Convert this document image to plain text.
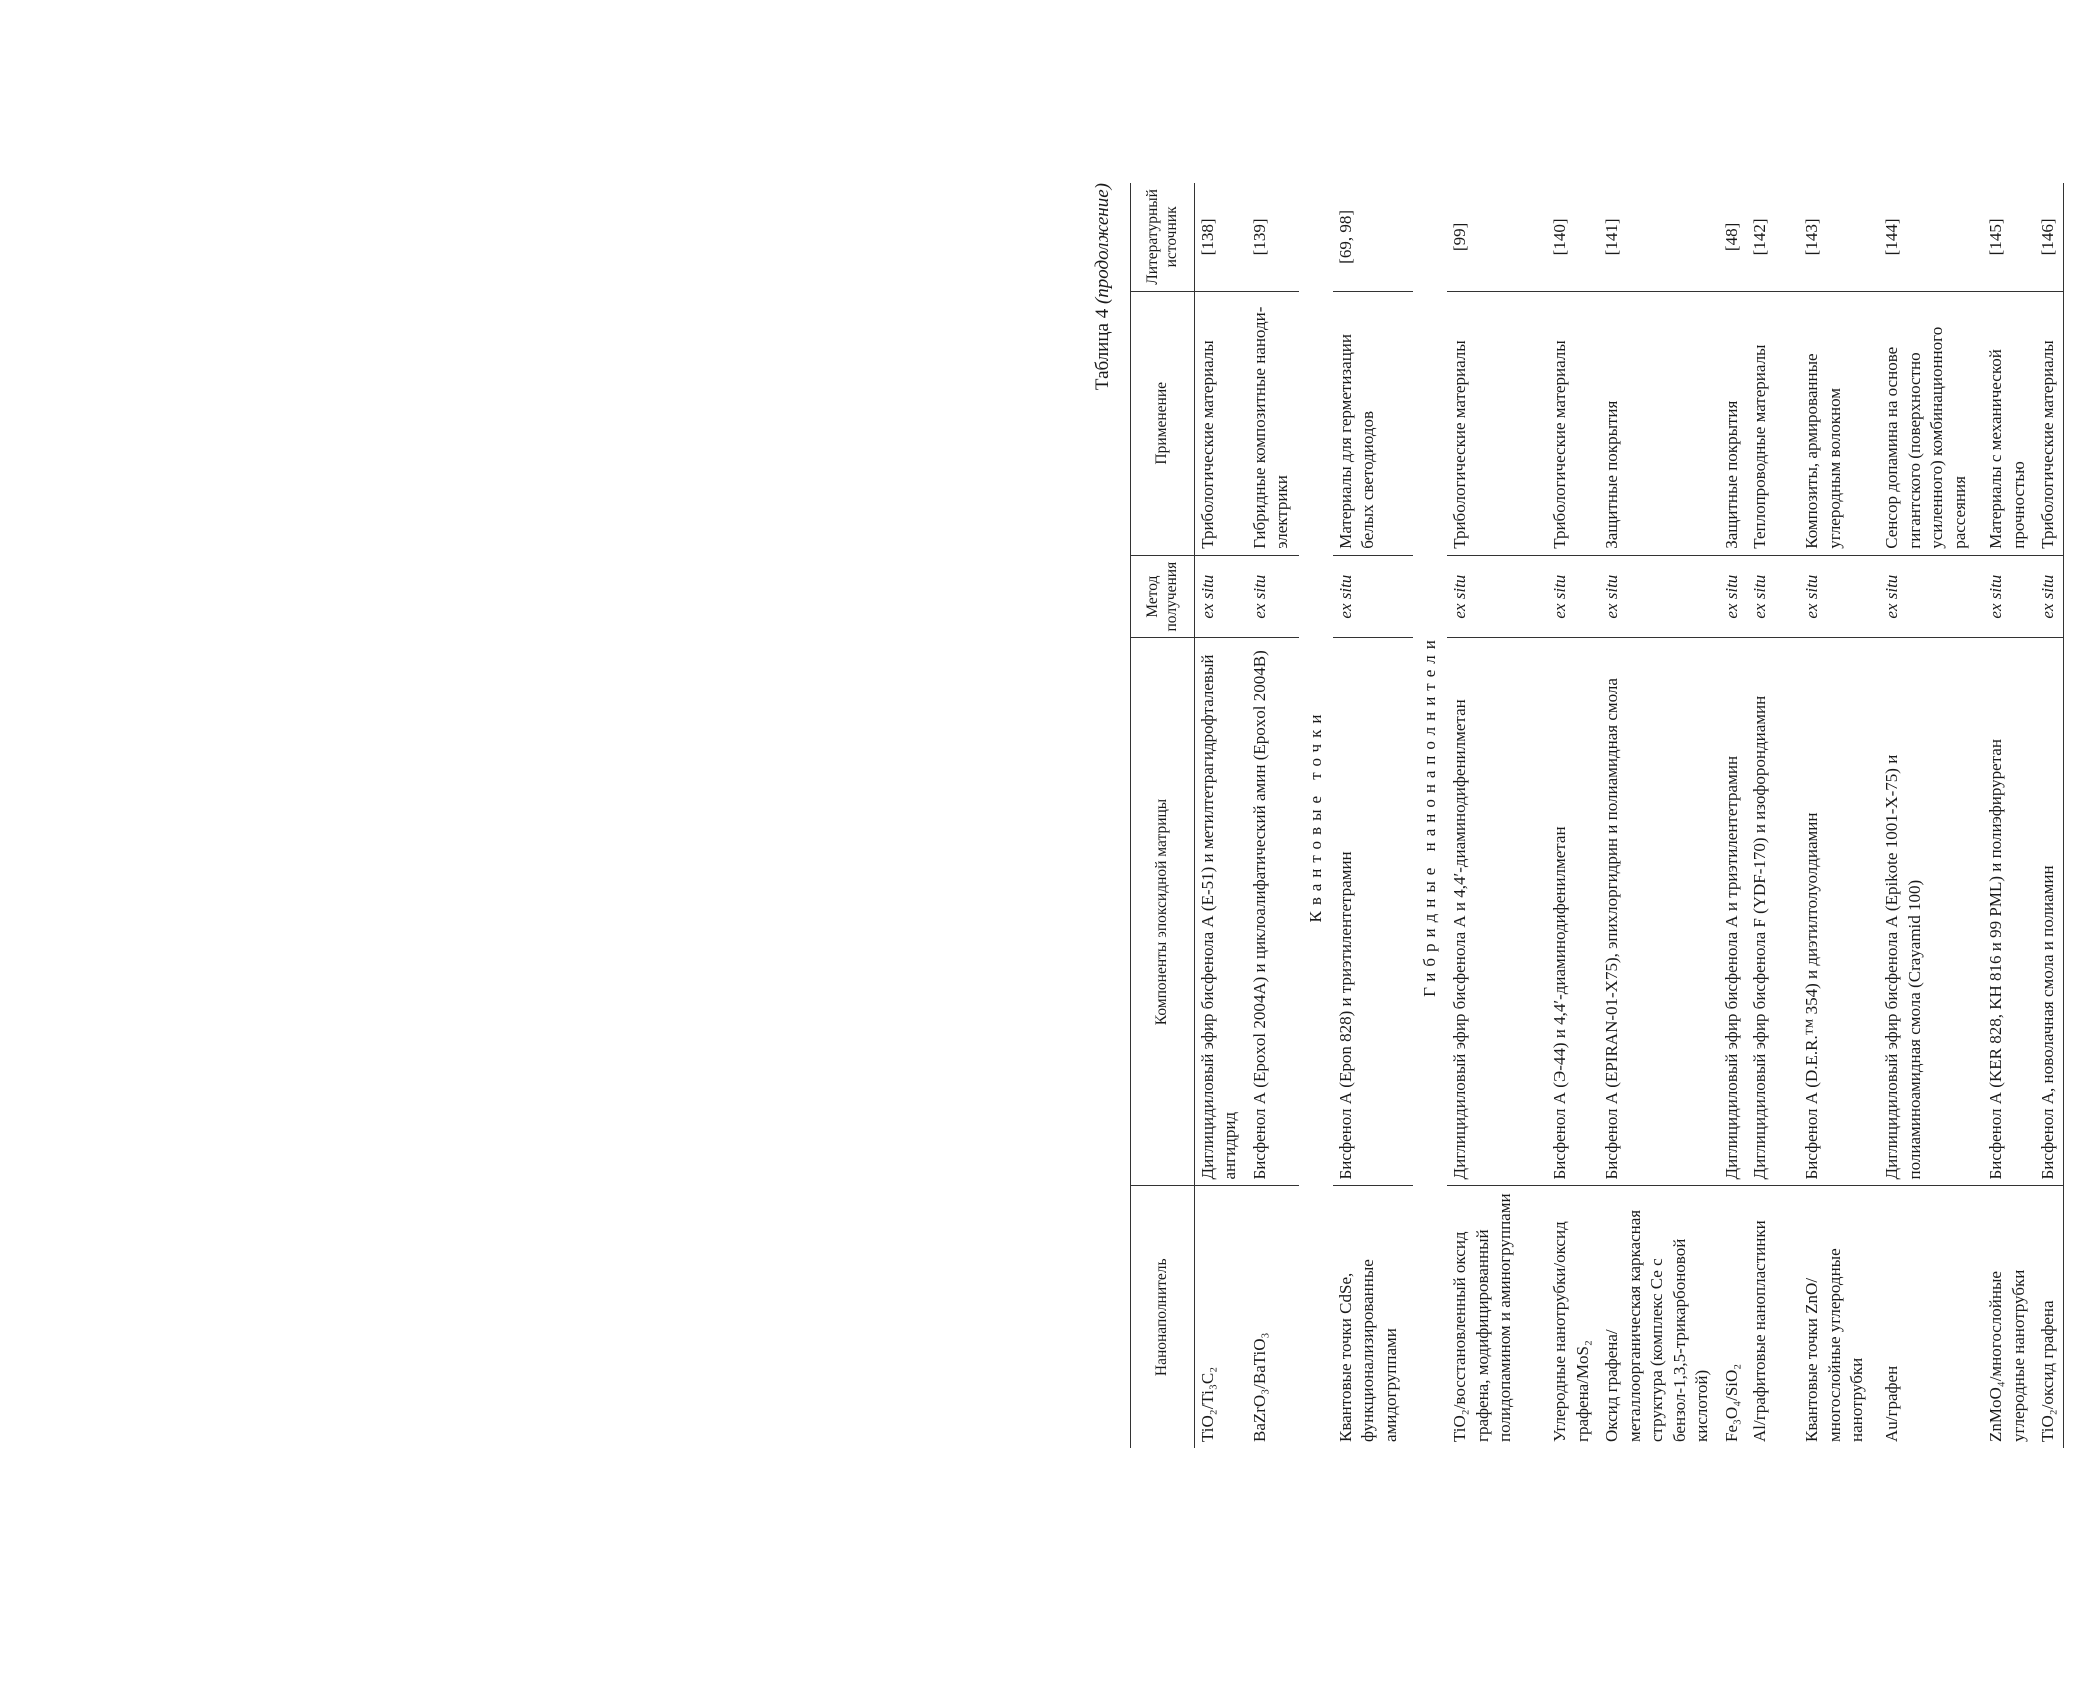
Таблица 4 (продолжение)
Нанонаполнитель	Компоненты эпоксидной матрицы	Метод получения	Применение	Литературный источник
TiO₂/Ti₃C₂	Диглицидиловый эфир бисфенола А (Е-51) и метилтетрагидрофталевый ангидрид	ex situ	Трибологические материалы	[138]
BaZrO₃/BaTiO₃	Бисфенол А (Epoxol 2004A) и циклоалифатический амин (Epoxol 2004B)	ex situ	Гибридные композитные нанодиэлектрики	[139]
Квантовые точки				
Квантовые точки CdSe, функционализированные амидогруппами	Бисфенол А (Epon 828) и триэтилентетрамин	ex situ	Материалы для герметизации белых светодиодов	[69, 98]
Гибридные нанонаполнители				
TiO₂/восстановленный оксид графена, модифицированный полидопамином и аминогруппами	Диглицидиловый эфир бисфенола А и 4,4′-диаминодифенилметан	ex situ	Трибологические материалы	[99]
Углеродные нанотрубки/оксид графена/MoS₂	Бисфенол А (Э-44) и 4,4′-диаминодифенилметан	ex situ	Трибологические материалы	[140]
Оксид графена/металлоорганическая каркасная структура (комплекс Се с бензол-1,3,5-трикарбоновой кислотой)	Бисфенол А (EPIRAN-01-X75), эпихлоргидрин и полиамидная смола	ex situ	Защитные покрытия	[141]
Fe₃O₄/SiO₂	Диглицидиловый эфир бисфенола А и триэтилентетрамин	ex situ	Защитные покрытия	[48]
Al/графитовые нанопластинки	Диглицидиловый эфир бисфенола F (YDF-170) и изофорондиамин	ex situ	Теплопроводные материалы	[142]
Квантовые точки ZnO/многослойные углеродные нанотрубки	Бисфенол А (D.E.R.™ 354) и диэтилтолуолдиамин	ex situ	Композиты, армированные углеродным волокном	[143]
Au/графен	Диглицидиловый эфир бисфенола А (Epikote 1001-X-75) и полиаминоамидная смола (Crayamid 100)	ex situ	Сенсор допамина на основе гигантского (поверхностно усиленного) комбинационного рассеяния	[144]
ZnMoO₄/многослойные углеродные нанотрубки	Бисфенол А (KER 828, KH 816 и 99 PML) и полиэфируретан	ex situ	Материалы с механической прочностью	[145]
TiO₂/оксид графена	Бисфенол А, новолачная смола и полиамин	ex situ	Трибологические материалы	[146]
